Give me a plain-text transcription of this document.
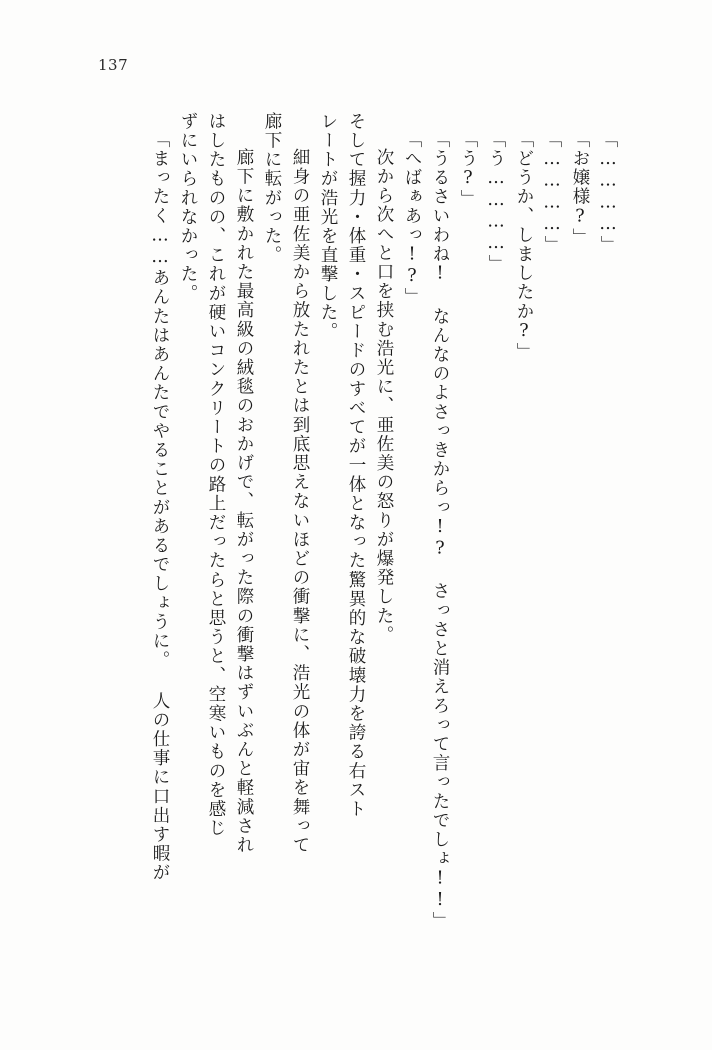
137
「…………」
「お嬢様?」
「…………」
「どうか、しましたか?」
「う…………」
「う?」
「うるさいわね! なんなのよさっきからっ!? さっさと消えろって言ったでしょ!!」
「へばぁあっ!?」
次から次へと口を挟む浩光に、亜佐美の怒りが爆発した。
そして握力・体重・スピードのすべてが一体となった驚異的な破壊力を誇る右スト
レートが浩光を直撃した。
細身の亜佐美から放たれたとは到底思えないほどの衝撃に、浩光の体が宙を舞って
廊下に転がった。
廊下に敷かれた最高級の絨毯のおかげで、転がった際の衝撃はずいぶんと軽減され
はしたものの、これが硬いコンクリートの路上だったらと思うと、空寒いものを感じ
ずにいられなかった。
「まったく……あんたはあんたでやることがあるでしょうに。 人の仕事に口出す暇が
